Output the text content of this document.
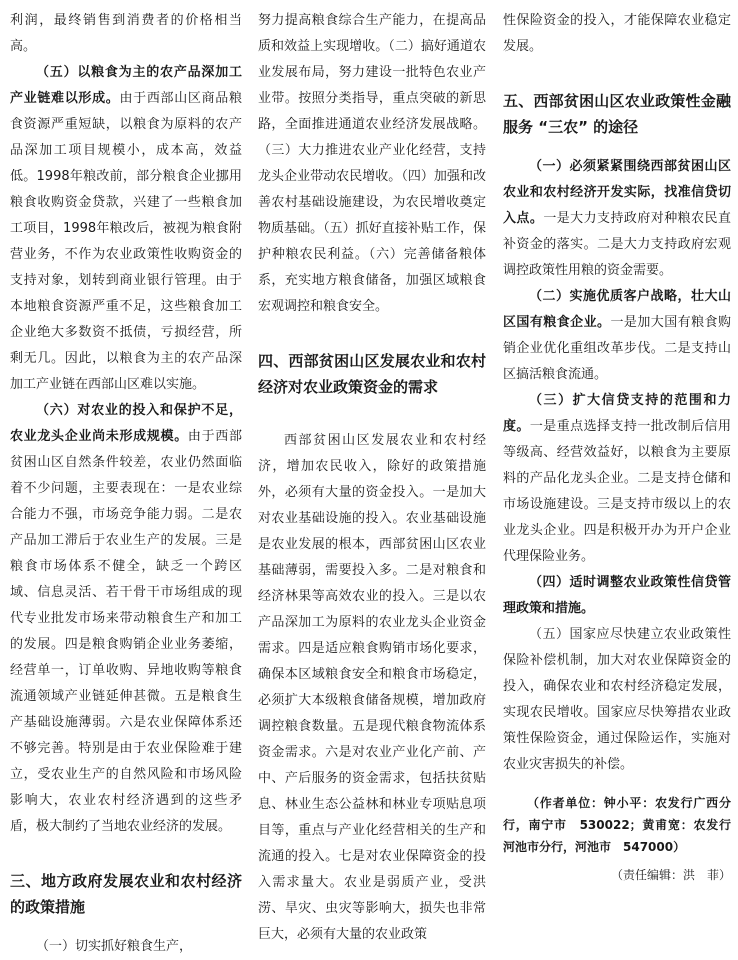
利润，最终销售到消费者的价格相当高。

（五）以粮食为主的农产品深加工产业链难以形成。由于西部山区商品粮食资源严重短缺，以粮食为原料的农产品深加工项目规模小，成本高，效益低。1998年粮改前，部分粮食企业挪用粮食收购资金贷款，兴建了一些粮食加工项目，1998年粮改后，被视为粮食附营业务，不作为农业政策性收购资金的支持对象，划转到商业银行管理。由于本地粮食资源严重不足，这些粮食加工企业绝大多数资不抵债，亏损经营，所剩无几。因此，以粮食为主的农产品深加工产业链在西部山区难以实施。

（六）对农业的投入和保护不足，农业龙头企业尚未形成规模。由于西部贫困山区自然条件较差，农业仍然面临着不少问题，主要表现在：一是农业综合能力不强，市场竞争能力弱。二是农产品加工滞后于农业生产的发展。三是粮食市场体系不健全，缺乏一个跨区域、信息灵活、若干骨干市场组成的现代专业批发市场来带动粮食生产和加工的发展。四是粮食购销企业业务萎缩，经营单一，订单收购、异地收购等粮食流通领域产业链延伸甚微。五是粮食生产基础设施薄弱。六是农业保障体系还不够完善。特别是由于农业保险难于建立，受农业生产的自然风险和市场风险影响大，农业农村经济遇到的这些矛盾，极大制约了当地农业经济的发展。

三、地方政府发展农业和农村经济的政策措施

（一）切实抓好粮食生产，

努力提高粮食综合生产能力，在提高品质和效益上实现增收。（二）搞好通道农业发展布局，努力建设一批特色农业产业带。按照分类指导，重点突破的新思路，全面推进通道农业经济发展战略。（三）大力推进农业产业化经营，支持龙头企业带动农民增收。（四）加强和改善农村基础设施建设，为农民增收奠定物质基础。（五）抓好直接补贴工作，保护种粮农民利益。（六）完善储备粮体系，充实地方粮食储备，加强区域粮食宏观调控和粮食安全。

四、西部贫困山区发展农业和农村经济对农业政策资金的需求

西部贫困山区发展农业和农村经济，增加农民收入，除好的政策措施外，必须有大量的资金投入。一是加大对农业基础设施的投入。农业基础设施是农业发展的根本，西部贫困山区农业基础薄弱，需要投入多。二是对粮食和经济林果等高效农业的投入。三是以农产品深加工为原料的农业龙头企业资金需求。四是适应粮食购销市场化要求，确保本区域粮食安全和粮食市场稳定，必须扩大本级粮食储备规模，增加政府调控粮食数量。五是现代粮食物流体系资金需求。六是对农业产业化产前、产中、产后服务的资金需求，包括扶贫贴息、林业生态公益林和林业专项贴息项目等，重点与产业化经营相关的生产和流通的投入。七是对农业保障资金的投入需求量大。农业是弱质产业，受洪涝、旱灾、虫灾等影响大，损失也非常巨大，必须有大量的农业政策

性保险资金的投入，才能保障农业稳定发展。

五、西部贫困山区农业政策性金融服务 “三农” 的途径

（一）必须紧紧围绕西部贫困山区农业和农村经济开发实际，找准信贷切入点。一是大力支持政府对种粮农民直补资金的落实。二是大力支持政府宏观调控政策性用粮的资金需要。

（二）实施优质客户战略，壮大山区国有粮食企业。一是加大国有粮食购销企业优化重组改革步伐。二是支持山区搞活粮食流通。

（三）扩大信贷支持的范围和力度。一是重点选择支持一批改制后信用等级高、经营效益好，以粮食为主要原料的产品化龙头企业。二是支持仓储和市场设施建设。三是支持市级以上的农业龙头企业。四是积极开办为开户企业代理保险业务。

（四）适时调整农业政策性信贷管理政策和措施。

（五）国家应尽快建立农业政策性保险补偿机制，加大对农业保障资金的投入，确保农业和农村经济稳定发展，实现农民增收。国家应尽快筹措农业政策性保险资金，通过保险运作，实施对农业灾害损失的补偿。

（作者单位：钟小平：农发行广西分行，南宁市　530022；黄甫宽：农发行河池市分行，河池市　547000）

（责任编辑：洪　菲）
